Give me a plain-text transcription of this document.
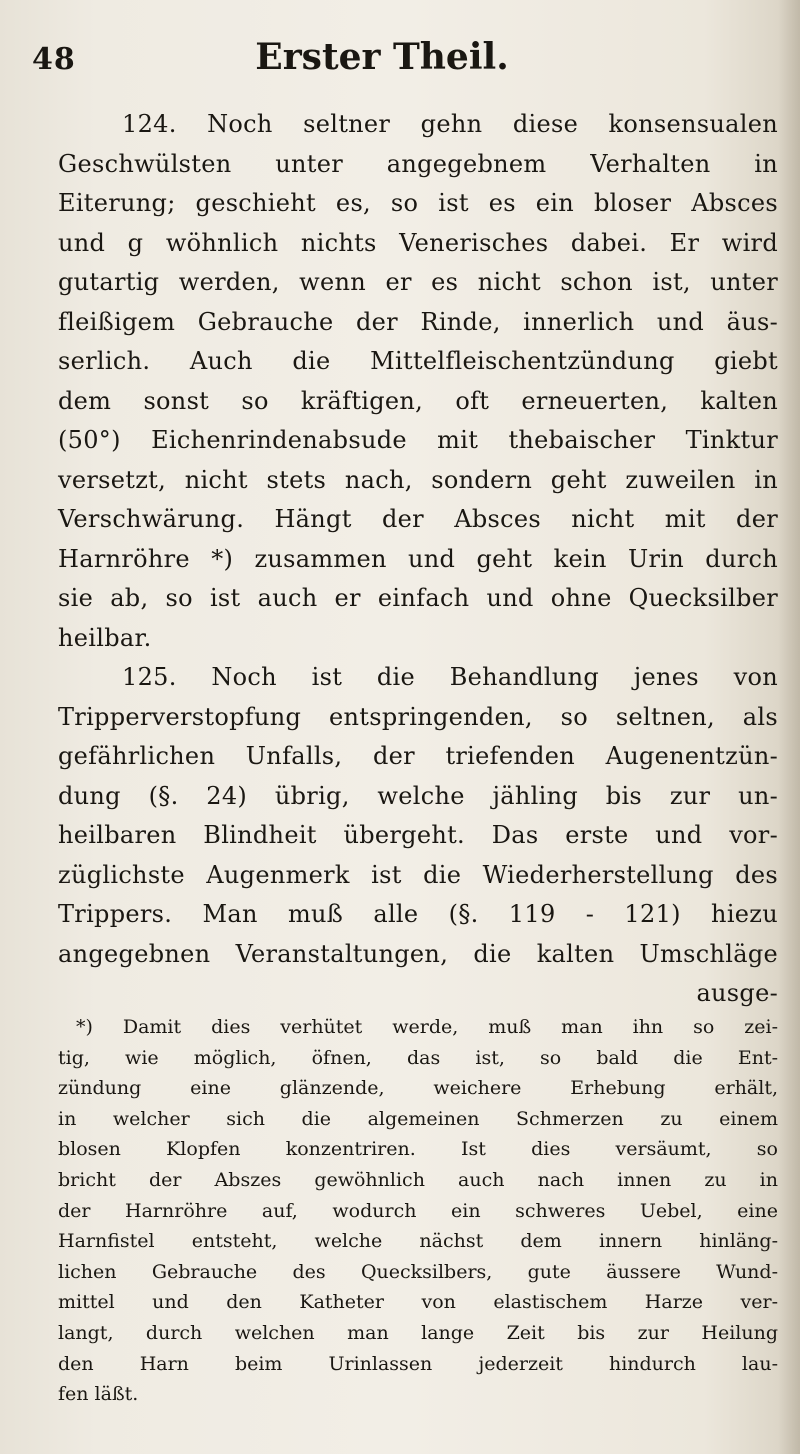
48	Erster Theil.

124. Noch seltner gehn diese konsensualen

Geschwülsten unter angegebnem Verhalten in

Eiterung; geschieht es, so ist es ein bloser Absces

und g wöhnlich nichts Venerisches dabei. Er wird

gutartig werden, wenn er es nicht schon ist, unter

fleißigem Gebrauche der Rinde, innerlich und äus-

serlich. Auch die Mittelfleischentzündung giebt

dem sonst so kräftigen, oft erneuerten, kalten

(50°) Eichenrindenabsude mit thebaischer Tinktur

versetzt, nicht stets nach, sondern geht zuweilen in

Verschwärung. Hängt der Absces nicht mit der

Harnröhre *) zusammen und geht kein Urin durch

sie ab, so ist auch er einfach und ohne Quecksilber

heilbar.

125. Noch ist die Behandlung jenes von

Tripperverstopfung entspringenden, so seltnen, als

gefährlichen Unfalls, der triefenden Augenentzün-

dung (§. 24) übrig, welche jähling bis zur un-

heilbaren Blindheit übergeht. Das erste und vor-

züglichste Augenmerk ist die Wiederherstellung des

Trippers. Man muß alle (§. 119 - 121) hiezu

angegebnen Veranstaltungen, die kalten Umschläge

ausge-

*) Damit dies verhütet werde, muß man ihn so zei-

tig, wie möglich, öfnen, das ist, so bald die Ent-

zündung eine glänzende, weichere Erhebung erhält,

in welcher sich die algemeinen Schmerzen zu einem

blosen Klopfen konzentriren. Ist dies versäumt, so

bricht der Abszes gewöhnlich auch nach innen zu in

der Harnröhre auf, wodurch ein schweres Uebel, eine

Harnfistel entsteht, welche nächst dem innern hinläng-

lichen Gebrauche des Quecksilbers, gute äussere Wund-

mittel und den Katheter von elastischem Harze ver-

langt, durch welchen man lange Zeit bis zur Heilung

den Harn beim Urinlassen jederzeit hindurch lau-

fen läßt.
